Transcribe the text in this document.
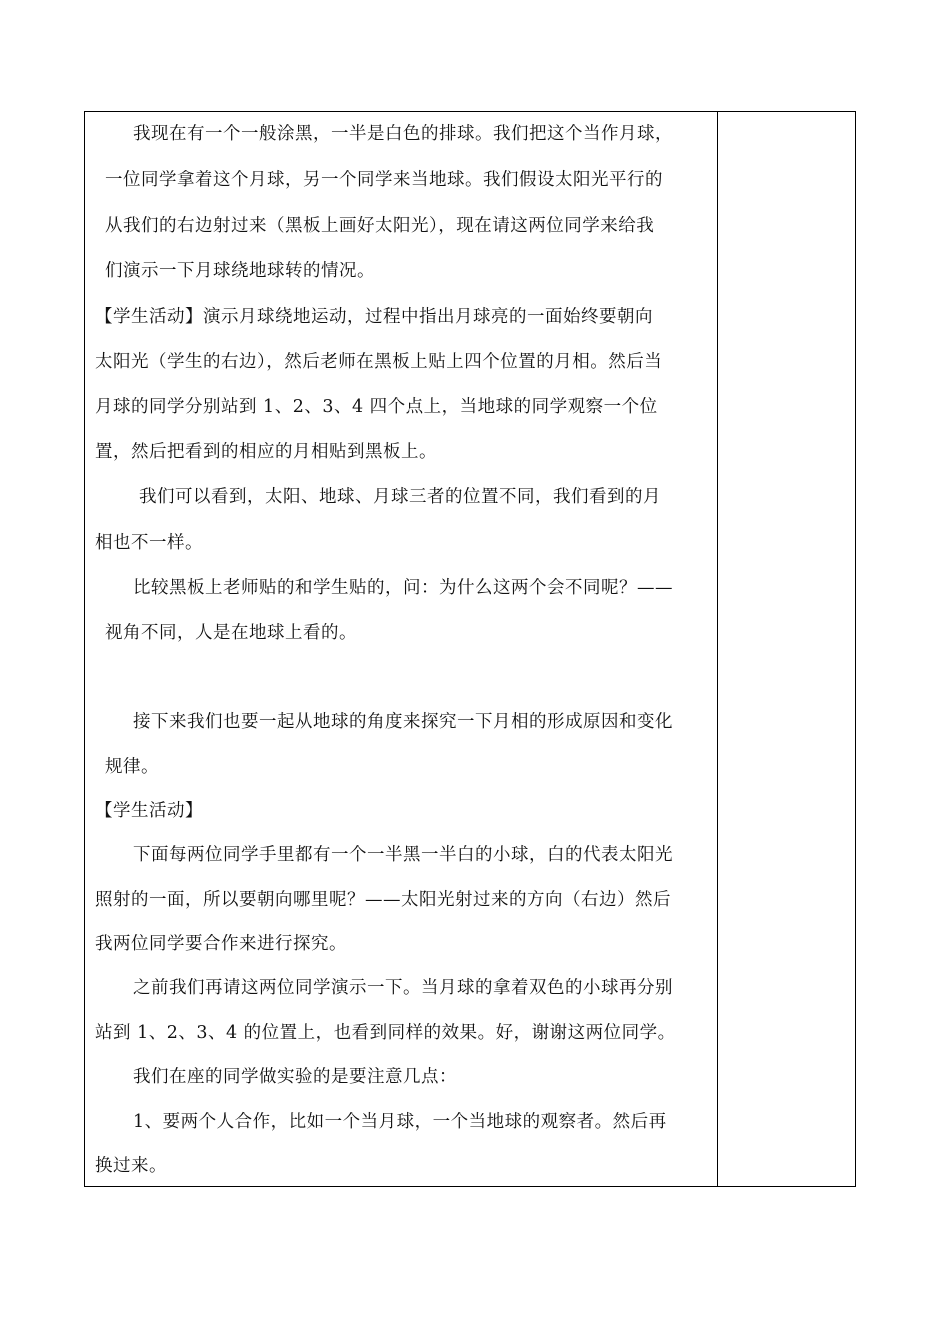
我现在有一个一般涂黑，一半是白色的排球。我们把这个当作月球，
一位同学拿着这个月球，另一个同学来当地球。我们假设太阳光平行的
从我们的右边射过来（黑板上画好太阳光），现在请这两位同学来给我
们演示一下月球绕地球转的情况。
【学生活动】演示月球绕地运动，过程中指出月球亮的一面始终要朝向
太阳光（学生的右边），然后老师在黑板上贴上四个位置的月相。然后当
月球的同学分别站到 1、2、3、4 四个点上，当地球的同学观察一个位
置，然后把看到的相应的月相贴到黑板上。
我们可以看到，太阳、地球、月球三者的位置不同，我们看到的月
相也不一样。
比较黑板上老师贴的和学生贴的，问：为什么这两个会不同呢？——
视角不同，人是在地球上看的。
接下来我们也要一起从地球的角度来探究一下月相的形成原因和变化
规律。
【学生活动】
下面每两位同学手里都有一个一半黑一半白的小球，白的代表太阳光
照射的一面，所以要朝向哪里呢？——太阳光射过来的方向（右边）然后
我两位同学要合作来进行探究。
之前我们再请这两位同学演示一下。当月球的拿着双色的小球再分别
站到 1、2、3、4 的位置上，也看到同样的效果。好，谢谢这两位同学。
我们在座的同学做实验的是要注意几点：
1、要两个人合作，比如一个当月球，一个当地球的观察者。然后再
换过来。
